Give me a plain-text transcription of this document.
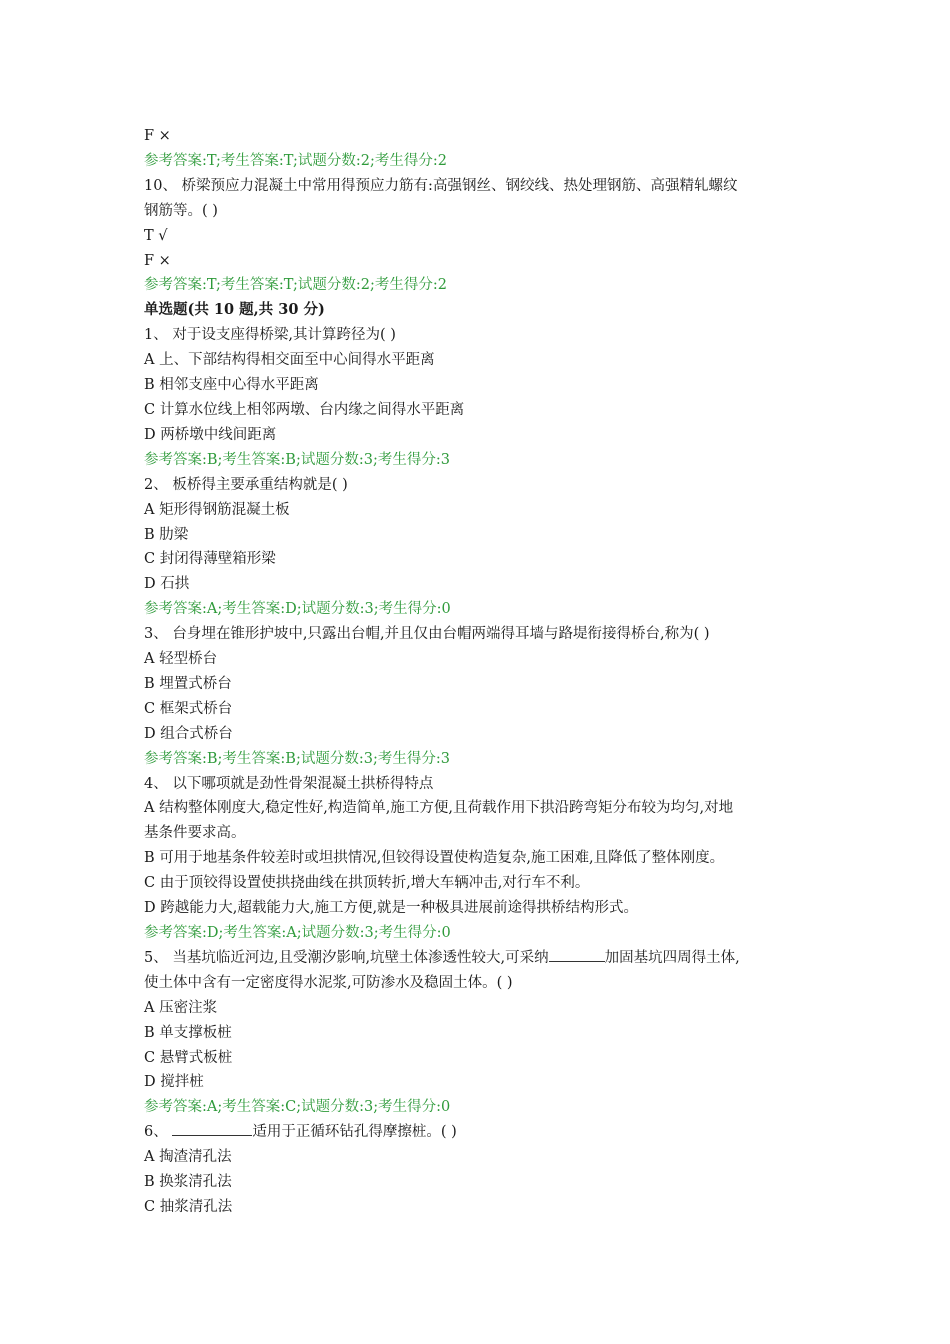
F ×
参考答案:T;考生答案:T;试题分数:2;考生得分:2
10、 桥梁预应力混凝土中常用得预应力筋有:高强钢丝、钢绞线、热处理钢筋、高强精轧螺纹
钢筋等。( )
T √
F ×
参考答案:T;考生答案:T;试题分数:2;考生得分:2
单选题(共 10 题,共 30 分)
1、 对于设支座得桥梁,其计算跨径为( )
A 上、下部结构得相交面至中心间得水平距离
B 相邻支座中心得水平距离
C 计算水位线上相邻两墩、台内缘之间得水平距离
D 两桥墩中线间距离
参考答案:B;考生答案:B;试题分数:3;考生得分:3
2、 板桥得主要承重结构就是( )
A 矩形得钢筋混凝土板
B 肋梁
C 封闭得薄壁箱形梁
D 石拱
参考答案:A;考生答案:D;试题分数:3;考生得分:0
3、 台身埋在锥形护坡中,只露出台帽,并且仅由台帽两端得耳墙与路堤衔接得桥台,称为( )
A 轻型桥台
B 埋置式桥台
C 框架式桥台
D 组合式桥台
参考答案:B;考生答案:B;试题分数:3;考生得分:3
4、 以下哪项就是劲性骨架混凝土拱桥得特点
A 结构整体刚度大,稳定性好,构造简单,施工方便,且荷载作用下拱沿跨弯矩分布较为均匀,对地
基条件要求高。
B 可用于地基条件较差时或坦拱情况,但铰得设置使构造复杂,施工困难,且降低了整体刚度。
C 由于顶铰得设置使拱挠曲线在拱顶转折,增大车辆冲击,对行车不利。
D 跨越能力大,超载能力大,施工方便,就是一种极具进展前途得拱桥结构形式。
参考答案:D;考生答案:A;试题分数:3;考生得分:0
5、 当基坑临近河边,且受潮汐影响,坑壁土体渗透性较大,可采纳	加固基坑四周得土体,
使土体中含有一定密度得水泥浆,可防渗水及稳固土体。( )
A 压密注浆
B 单支撑板桩
C 悬臂式板桩
D 搅拌桩
参考答案:A;考生答案:C;试题分数:3;考生得分:0
6、	适用于正循环钻孔得摩擦桩。( )
A 掏渣清孔法
B 换浆清孔法
C 抽浆清孔法
